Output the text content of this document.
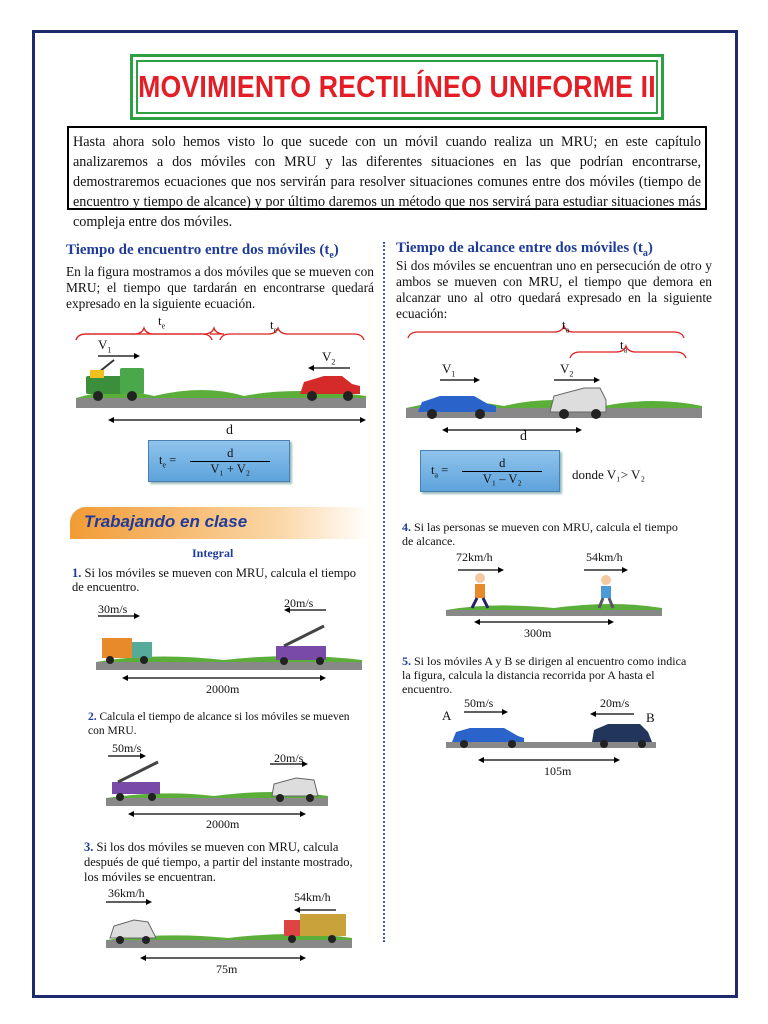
MOVIMIENTO RECTILÍNEO UNIFORME II
Hasta ahora solo hemos visto lo que sucede con un móvil cuando realiza un MRU; en este capítulo analizaremos a dos móviles con MRU y las diferentes situaciones en las que podrían encontrarse, demostraremos ecuaciones que nos servirán para resolver situaciones comunes entre dos móviles (tiempo de encuentro y tiempo de alcance) y por último daremos un método que nos servirá para estudiar situaciones más compleja entre dos móviles.
Tiempo de encuentro entre dos móviles $(t_e)$
En la figura mostramos a dos móviles que se mueven con MRU; el tiempo que tardarán en encontrarse quedará expresado en la siguiente ecuación.
$t_e$	$t_e$
$V_1$	$V_2$
d
$t_e = \frac{d}{\text{V₁ + V₂}}$
Tiempo de alcance entre dos móviles $(t_a)$
Si dos móviles se encuentran uno en persecución de otro y ambos se mueven con MRU, el tiempo que demora en alcanzar uno al otro quedará expresado en la siguiente ecuación:
$t_a$
$t_a$
$V_1$	$V_2$
d
$t_a = \frac{d}{\text{V₁ – V₂}}$ donde V₁> V₂
Trabajando en clase
Integral
1. Si los móviles se mueven con MRU, calcula el tiempo de encuentro.
30m/s	20m/s
2000m
2. Calcula el tiempo de alcance si los móviles se mueven con MRU.
50m/s
20m/s
2000m
3. Si los dos móviles se mueven con MRU, calcula después de qué tiempo, a partir del instante mostrado, los móviles se encuentran.
36km/h	54km/h
75m
4. Si las personas se mueven con MRU, calcula el tiempo de alcance.
72km/h	54km/h
300m
5. Si los móviles A y B se dirigen al encuentro como indica la figura, calcula la distancia recorrida por A hasta el encuentro.
50m/s	20m/s
A	B
105m
